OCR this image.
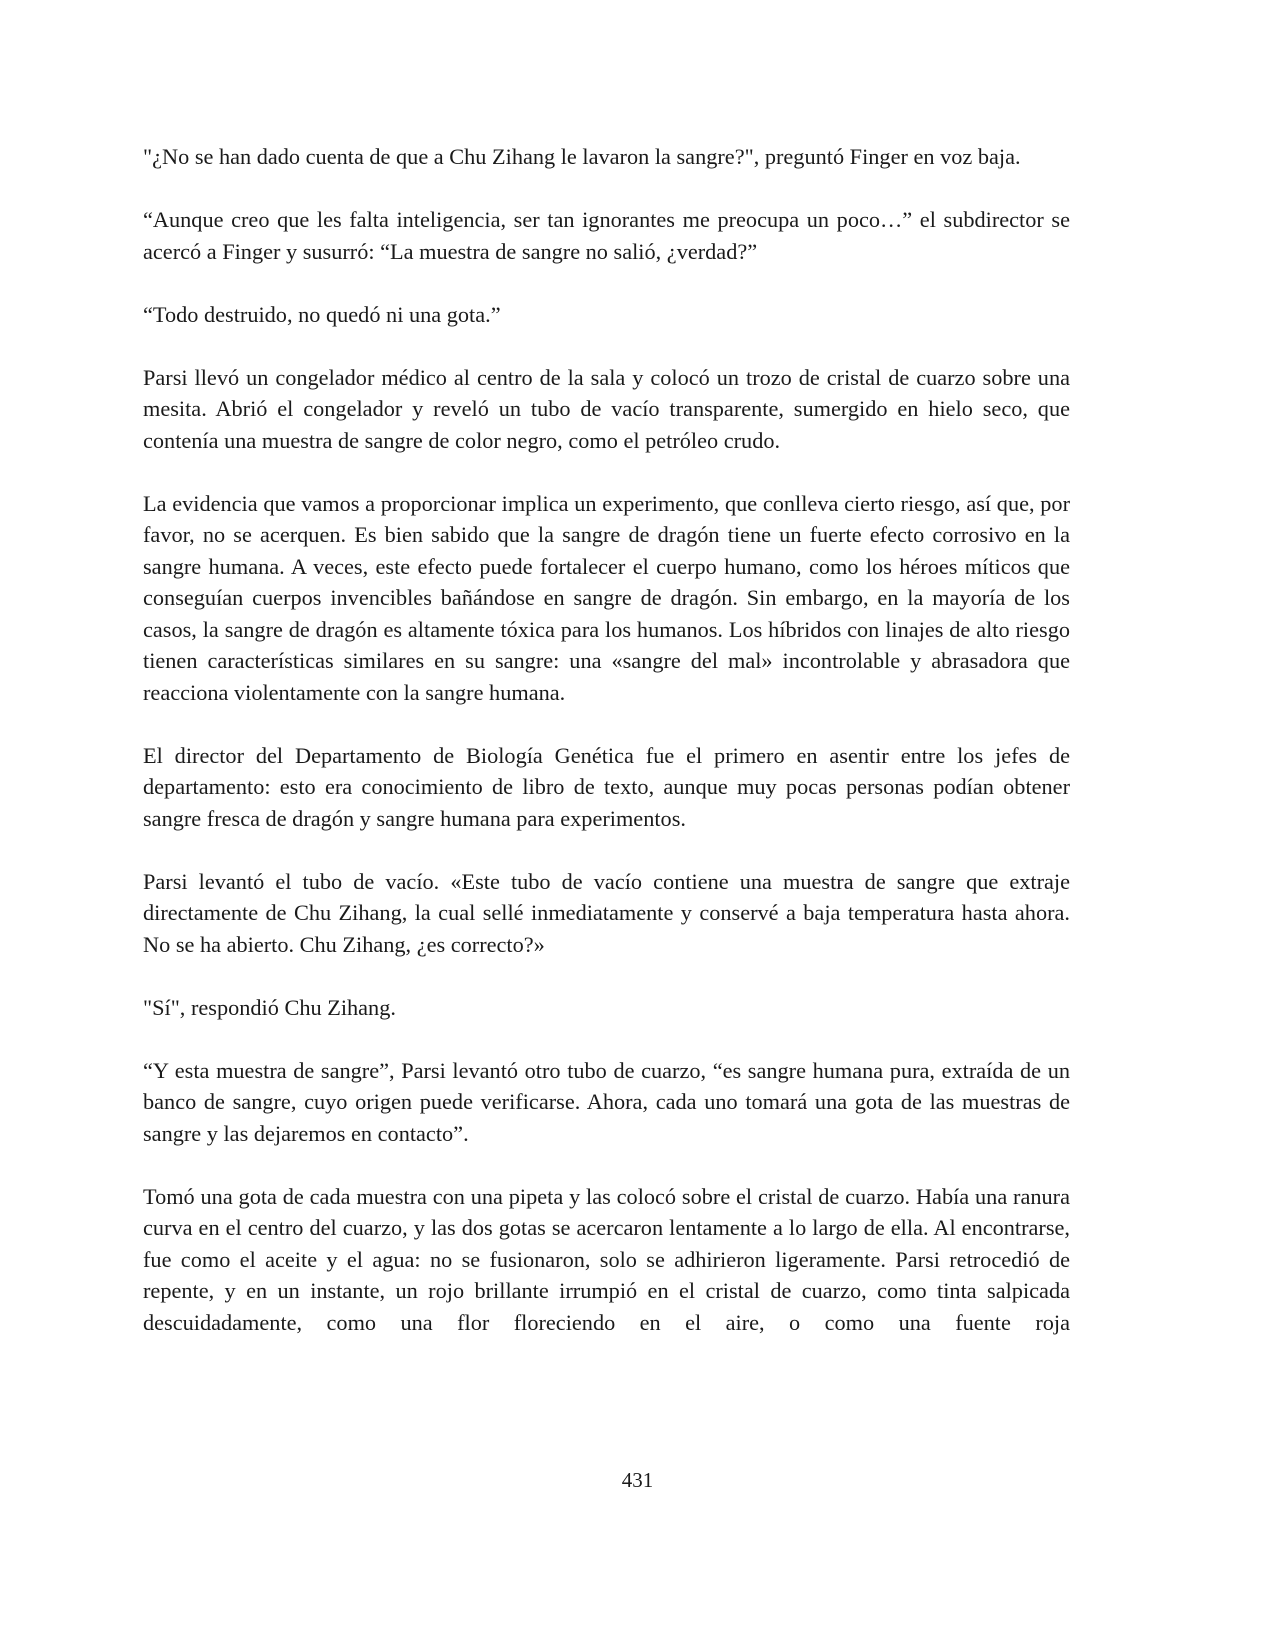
"¿No se han dado cuenta de que a Chu Zihang le lavaron la sangre?", preguntó Finger en voz baja.

“Aunque creo que les falta inteligencia, ser tan ignorantes me preocupa un poco…” el subdirector se acercó a Finger y susurró: “La muestra de sangre no salió, ¿verdad?”

“Todo destruido, no quedó ni una gota.”

Parsi llevó un congelador médico al centro de la sala y colocó un trozo de cristal de cuarzo sobre una mesita. Abrió el congelador y reveló un tubo de vacío transparente, sumergido en hielo seco, que contenía una muestra de sangre de color negro, como el petróleo crudo.

La evidencia que vamos a proporcionar implica un experimento, que conlleva cierto riesgo, así que, por favor, no se acerquen. Es bien sabido que la sangre de dragón tiene un fuerte efecto corrosivo en la sangre humana. A veces, este efecto puede fortalecer el cuerpo humano, como los héroes míticos que conseguían cuerpos invencibles bañándose en sangre de dragón. Sin embargo, en la mayoría de los casos, la sangre de dragón es altamente tóxica para los humanos. Los híbridos con linajes de alto riesgo tienen características similares en su sangre: una «sangre del mal» incontrolable y abrasadora que reacciona violentamente con la sangre humana.

El director del Departamento de Biología Genética fue el primero en asentir entre los jefes de departamento: esto era conocimiento de libro de texto, aunque muy pocas personas podían obtener sangre fresca de dragón y sangre humana para experimentos.

Parsi levantó el tubo de vacío. «Este tubo de vacío contiene una muestra de sangre que extraje directamente de Chu Zihang, la cual sellé inmediatamente y conservé a baja temperatura hasta ahora. No se ha abierto. Chu Zihang, ¿es correcto?»

"Sí", respondió Chu Zihang.

“Y esta muestra de sangre”, Parsi levantó otro tubo de cuarzo, “es sangre humana pura, extraída de un banco de sangre, cuyo origen puede verificarse. Ahora, cada uno tomará una gota de las muestras de sangre y las dejaremos en contacto”.

Tomó una gota de cada muestra con una pipeta y las colocó sobre el cristal de cuarzo. Había una ranura curva en el centro del cuarzo, y las dos gotas se acercaron lentamente a lo largo de ella. Al encontrarse, fue como el aceite y el agua: no se fusionaron, solo se adhirieron ligeramente. Parsi retrocedió de repente, y en un instante, un rojo brillante irrumpió en el cristal de cuarzo, como tinta salpicada descuidadamente, como una flor floreciendo en el aire, o como una fuente roja

431
